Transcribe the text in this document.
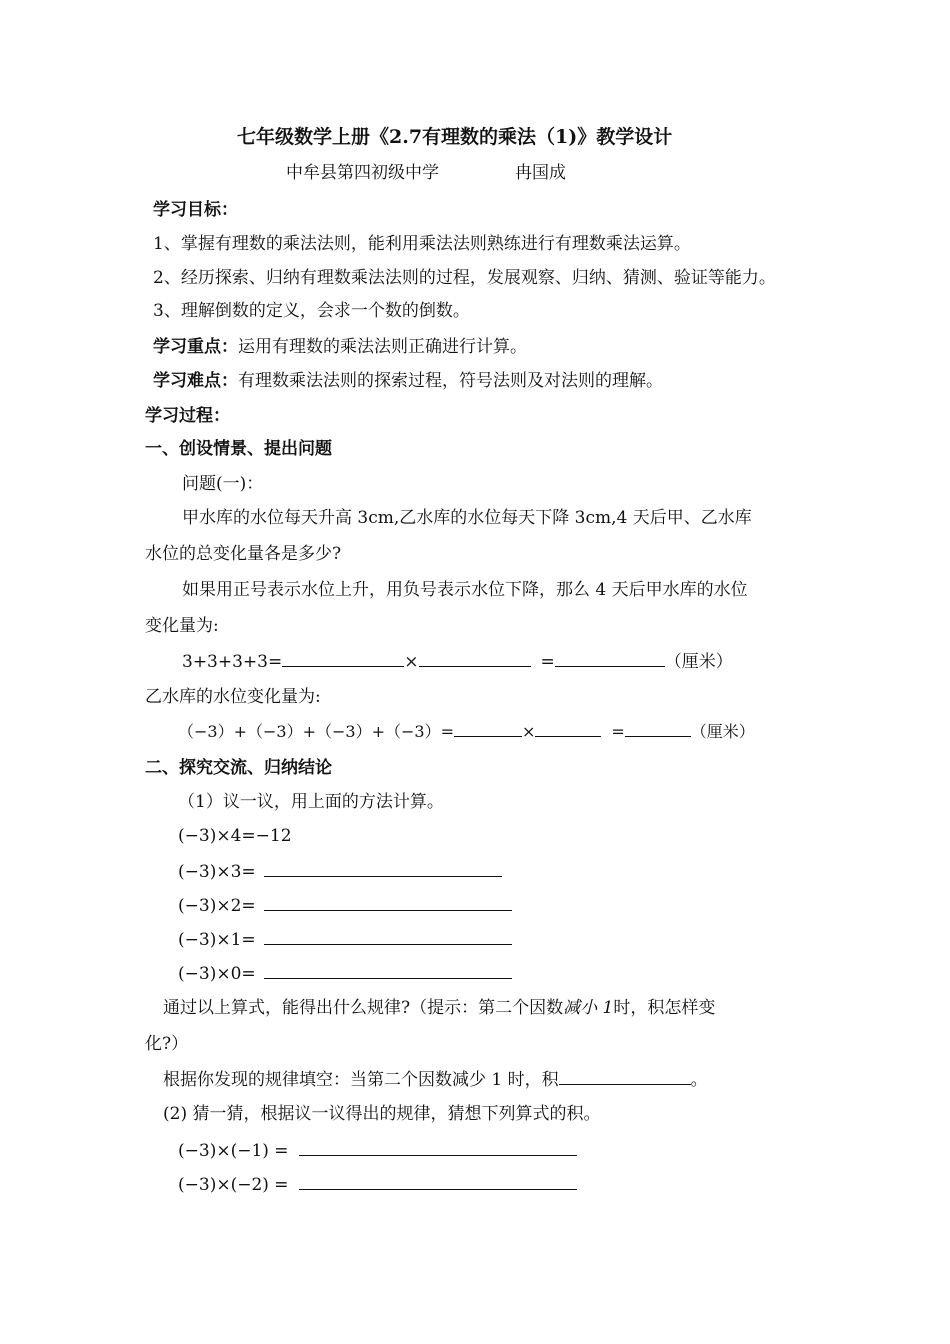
七年级数学上册《2.7有理数的乘法（1)》教学设计
中牟县第四初级中学	冉国成
学习目标：
1、掌握有理数的乘法法则，能利用乘法法则熟练进行有理数乘法运算。
2、经历探索、归纳有理数乘法法则的过程，发展观察、归纳、猜测、验证等能力。
3、理解倒数的定义，会求一个数的倒数。
学习重点：运用有理数的乘法法则正确进行计算。
学习难点：有理数乘法法则的探索过程，符号法则及对法则的理解。
学习过程：
一、创设情景、提出问题
问题(一)：
甲水库的水位每天升高 3cm,乙水库的水位每天下降 3cm,4 天后甲、乙水库
水位的总变化量各是多少?
如果用正号表示水位上升，用负号表示水位下降，那么 4 天后甲水库的水位
变化量为:
3+3+3+3=	×	=	（厘米）
乙水库的水位变化量为:
（−3）+（−3）+（−3）+（−3）=	×	=	（厘米）
二、探究交流、归纳结论
（1）议一议，用上面的方法计算。
(−3)×4=−12
(−3)×3=
(−3)×2=
(−3)×1=
(−3)×0=
通过以上算式，能得出什么规律?（提示：第二个因数减小 1时，积怎样变
化?）
根据你发现的规律填空：当第二个因数减少 1 时，积	。
(2) 猜一猜，根据议一议得出的规律，猜想下列算式的积。
(−3)×(−1) =
(−3)×(−2) =
